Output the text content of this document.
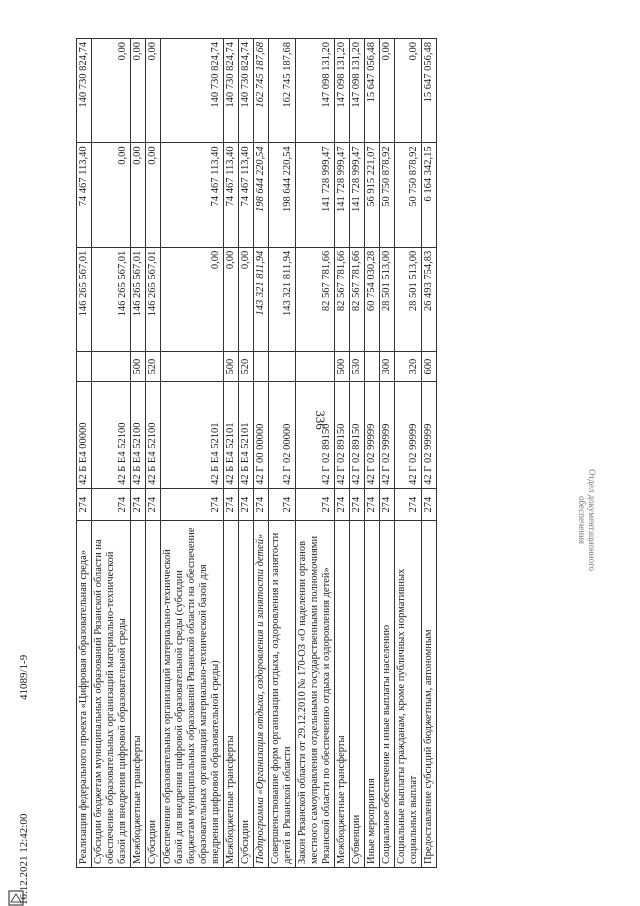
336
Реализация федерального проекта «Цифровая образовательная среда»	274	42 Б E4 00000		146 265 567,01	74 467 113,40	140 730 824,74
Субсидии бюджетам муниципальных образований Рязанской области на обеспечение образовательных организаций материально-технической базой для внедрения цифровой образовательной среды	274	42 Б E4 52100		146 265 567,01	0,00	0,00
Межбюджетные трансферты	274	42 Б E4 52100	500	146 265 567,01	0,00	0,00
Субсидии	274	42 Б E4 52100	520	146 265 567,01	0,00	0,00
Обеспечение образовательных организаций материально-технической базой для внедрения цифровой образовательной среды (субсидии бюджетам муниципальных образований Рязанской области на обеспечение образовательных организаций материально-технической базой для внедрения цифровой образовательной среды)	274	42 Б E4 52101		0,00	74 467 113,40	140 730 824,74
Межбюджетные трансферты	274	42 Б E4 52101	500	0,00	74 467 113,40	140 730 824,74
Субсидии	274	42 Б E4 52101	520	0,00	74 467 113,40	140 730 824,74
Подпрограмма «Организация отдыха, оздоровления и занятости детей»	274	42 Г 00 00000		143 321 811,94	198 644 220,54	162 745 187,68
Совершенствование форм организации отдыха, оздоровления и занятости детей в Рязанской области	274	42 Г 02 00000		143 321 811,94	198 644 220,54	162 745 187,68
Закон Рязанской области от 29.12.2010 № 170-ОЗ «О наделении органов местного самоуправления отдельными государственными полномочиями Рязанской области по обеспечению отдыха и оздоровления детей»	274	42 Г 02 89150		82 567 781,66	141 728 999,47	147 098 131,20
Межбюджетные трансферты	274	42 Г 02 89150	500	82 567 781,66	141 728 999,47	147 098 131,20
Субвенции	274	42 Г 02 89150	530	82 567 781,66	141 728 999,47	147 098 131,20
Иные мероприятия	274	42 Г 02 99999		60 754 030,28	56 915 221,07	15 647 056,48
Социальное обеспечение и иные выплаты населению	274	42 Г 02 99999	300	28 501 513,00	50 750 878,92	0,00
Социальные выплаты гражданам, кроме публичных нормативных социальных выплат	274	42 Г 02 99999	320	28 501 513,00	50 750 878,92	0,00
Предоставление субсидий бюджетным, автономным	274	42 Г 02 99999	600	26 493 754,83	6 164 342,15	15 647 056,48
16.12.2021 12:42:00
41089/1-9
Отдел документационного
обеспечения
